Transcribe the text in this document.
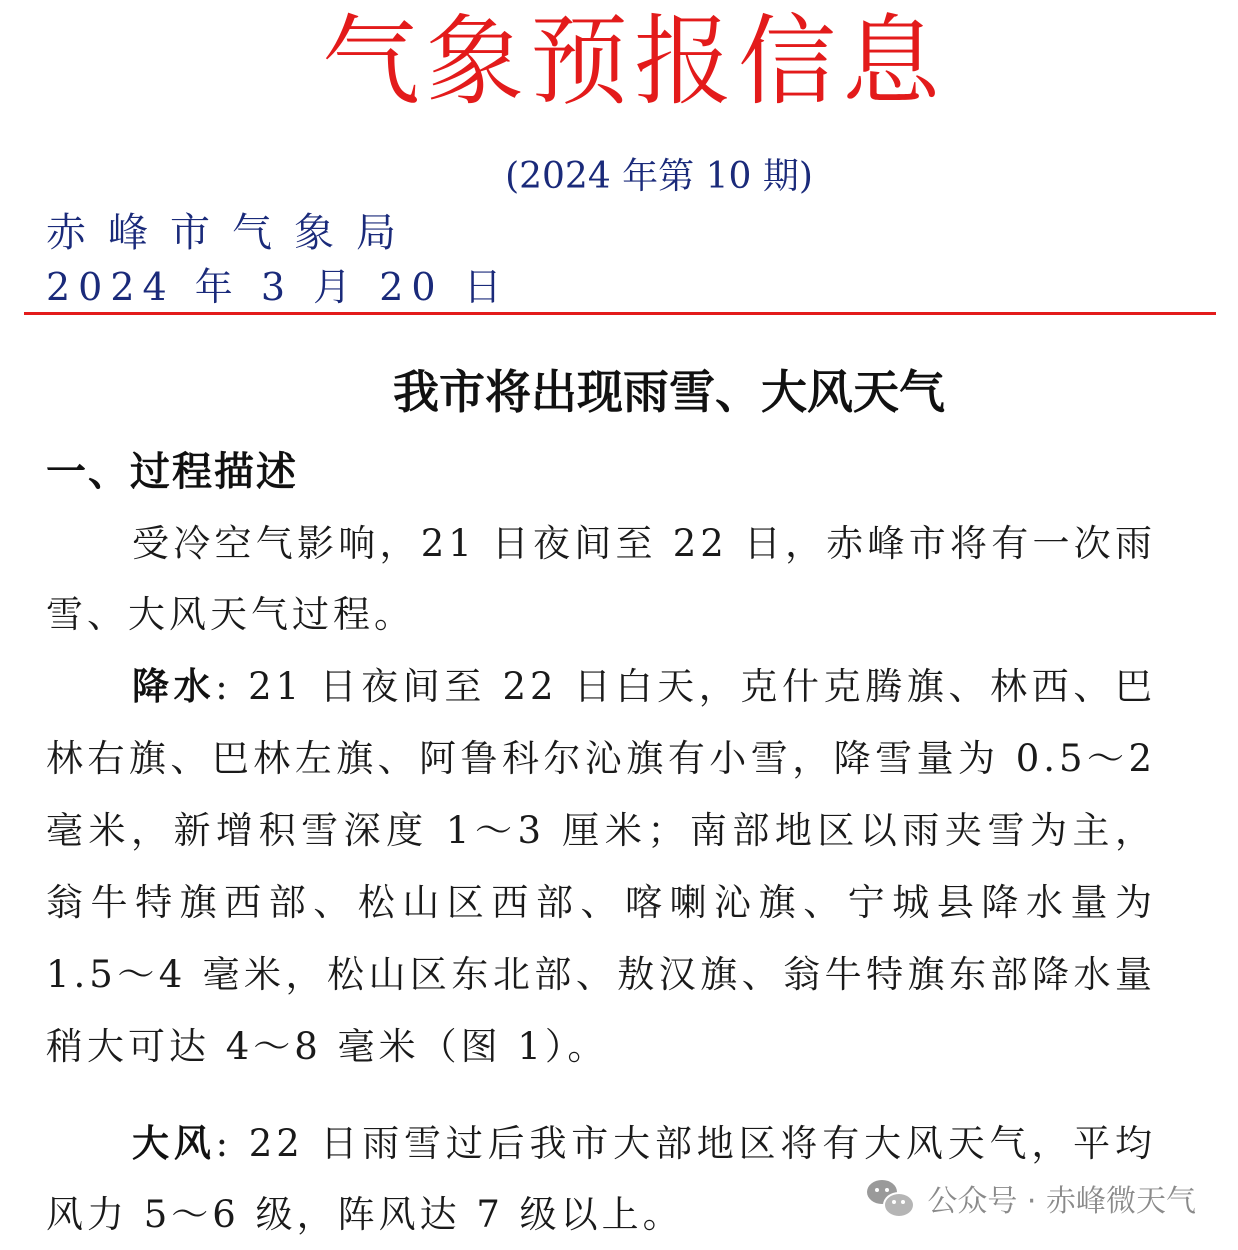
气象预报信息
(2024 年第 10 期)
赤峰市气象局
2024 年 3 月 20 日
我市将出现雨雪、大风天气
一、过程描述

受冷空气影响，21 日夜间至 22 日，赤峰市将有一次雨雪、大风天气过程。

降水: 21 日夜间至 22 日白天，克什克腾旗、林西、巴林右旗、巴林左旗、阿鲁科尔沁旗有小雪，降雪量为 0.5～2 毫米，新增积雪深度 1～3 厘米；南部地区以雨夹雪为主，翁牛特旗西部、松山区西部、喀喇沁旗、宁城县降水量为 1.5～4 毫米，松山区东北部、敖汉旗、翁牛特旗东部降水量稍大可达 4～8 毫米（图 1）。

大风: 22 日雨雪过后我市大部地区将有大风天气，平均风力 5～6 级，阵风达 7 级以上。	公众号 · 赤峰微天气
